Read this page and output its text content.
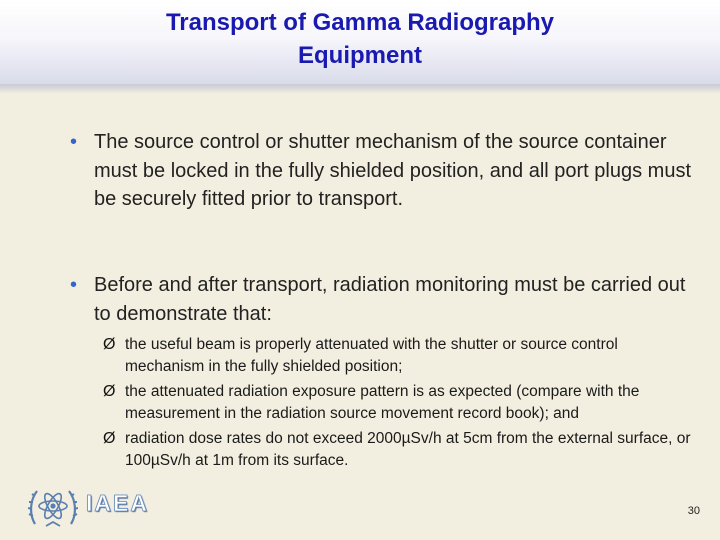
Transport of Gamma Radiography
Equipment
• The source control or shutter mechanism of the source container must be locked in the fully shielded position, and all port plugs must be securely fitted prior to transport.
• Before and after transport, radiation monitoring must be carried out to demonstrate that:
Ø the useful beam is properly attenuated with the shutter or source control mechanism in the fully shielded position;
Ø the attenuated radiation exposure pattern is as expected (compare with the measurement in the radiation source movement record book); and
Ø radiation dose rates do not exceed 2000µSv/h at 5cm from the external surface, or 100µSv/h at 1m from its surface.
IAEA	30
